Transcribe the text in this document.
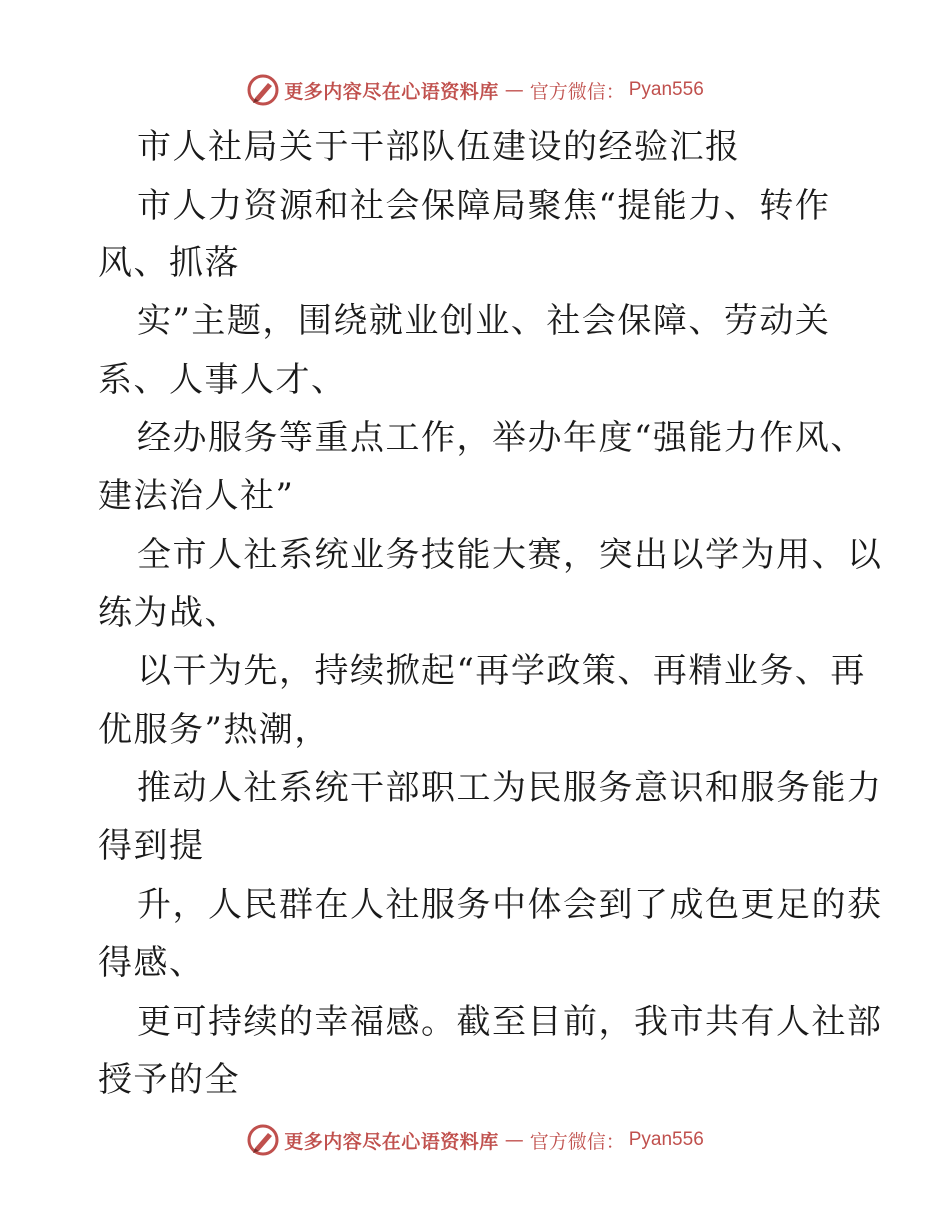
更多内容尽在心语资料库 — 官方微信： Pyan556
市人社局关于干部队伍建设的经验汇报
市人力资源和社会保障局聚焦“提能力、转作
风、抓落
实”主题，围绕就业创业、社会保障、劳动关
系、人事人才、
经办服务等重点工作，举办年度“强能力作风、
建法治人社”
全市人社系统业务技能大赛，突出以学为用、以
练为战、
以干为先，持续掀起“再学政策、再精业务、再
优服务”热潮，
推动人社系统干部职工为民服务意识和服务能力
得到提
升，人民群在人社服务中体会到了成色更足的获
得感、
更可持续的幸福感。截至目前，我市共有人社部
授予的全
更多内容尽在心语资料库 — 官方微信： Pyan556
